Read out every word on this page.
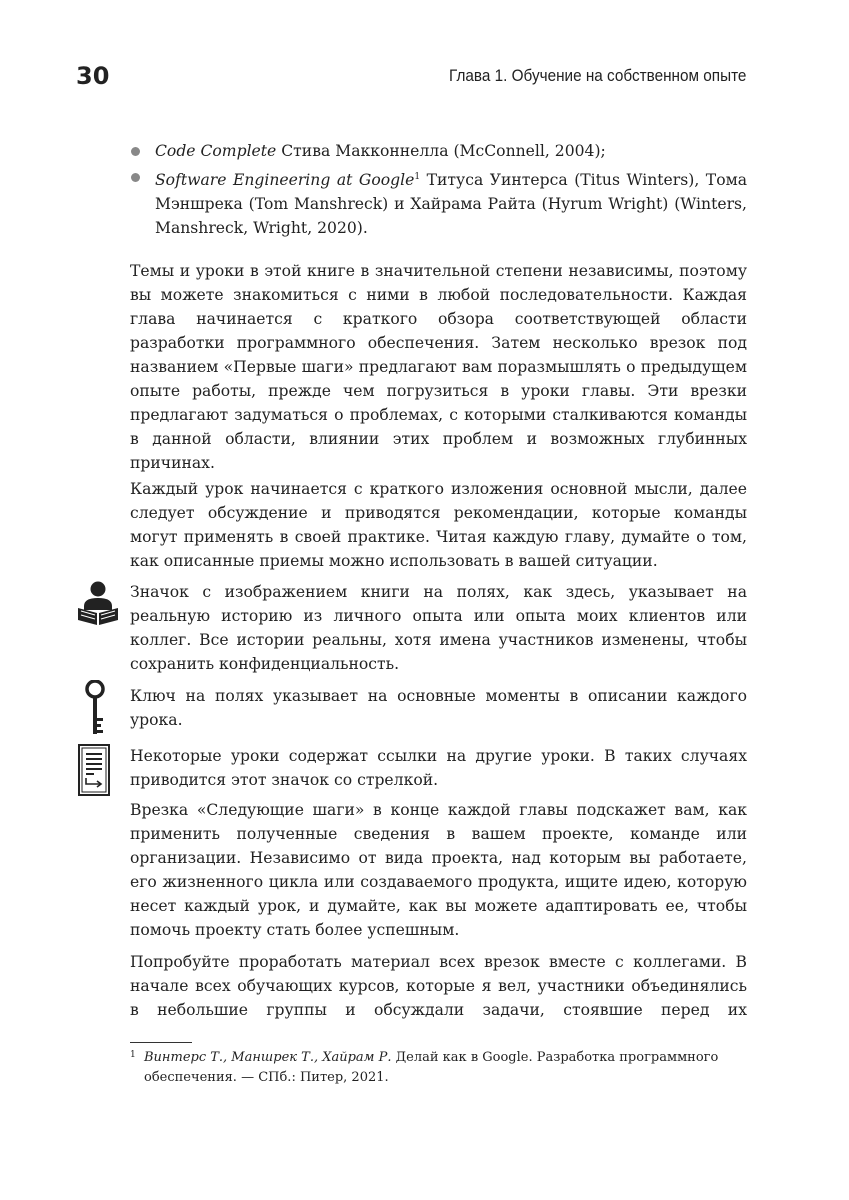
30	Глава 1. Обучение на собственном опыте
Code Complete Стива Макконнелла (McConnell, 2004);
Software Engineering at Google$^1$ Титуса Уинтерса (Titus Winters), Тома Мэншрека (Tom Manshreck) и Хайрама Райта (Hyrum Wright) (Winters, Manshreck, Wright, 2020).

Темы и уроки в этой книге в значительной степени независимы, поэтому вы можете знакомиться с ними в любой последовательности. Каждая глава начинается с краткого обзора соответствующей области разработки программного обеспечения. Затем несколько врезок под названием «Первые шаги» предлагают вам поразмышлять о предыдущем опыте работы, прежде чем погрузиться в уроки главы. Эти врезки предлагают задуматься о проблемах, с которыми сталкиваются команды в данной области, влиянии этих проблем и возможных глубинных причинах.

Каждый урок начинается с краткого изложения основной мысли, далее следует обсуждение и приводятся рекомендации, которые команды могут применять в своей практике. Читая каждую главу, думайте о том, как описанные приемы можно использовать в вашей ситуации.

Значок с изображением книги на полях, как здесь, указывает на реальную историю из личного опыта или опыта моих клиентов или коллег. Все истории реальны, хотя имена участников изменены, чтобы сохранить конфиденциальность.

Ключ на полях указывает на основные моменты в описании каждого урока.

Некоторые уроки содержат ссылки на другие уроки. В таких случаях приводится этот значок со стрелкой.

Врезка «Следующие шаги» в конце каждой главы подскажет вам, как применить полученные сведения в вашем проекте, команде или организации. Независимо от вида проекта, над которым вы работаете, его жизненного цикла или создаваемого продукта, ищите идею, которую несет каждый урок, и думайте, как вы можете адаптировать ее, чтобы помочь проекту стать более успешным.

Попробуйте проработать материал всех врезок вместе с коллегами. В начале всех обучающих курсов, которые я вел, участники объединялись в небольшие группы и обсуждали задачи, стоявшие перед их

1 Винтерс Т., Маншрек Т., Хайрам Р. Делай как в Google. Разработка программного обеспечения. — СПб.: Питер, 2021.
